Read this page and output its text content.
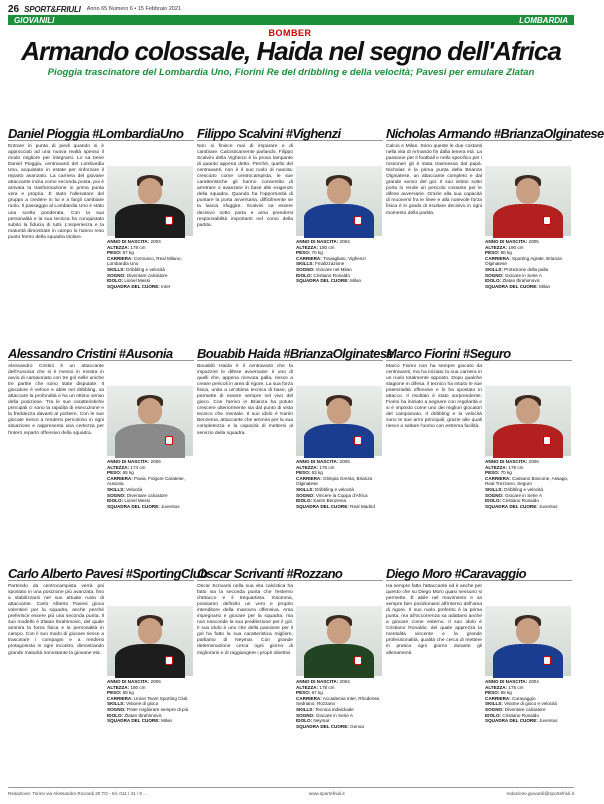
26 SPORT&FRIULI Anno 65 Numero 6 • 15 Febbraio 2021
GIOVANILI	LOMBARDIA
BOMBER
Armando colossale, Haida nel segno dell'Africa
Pioggia trascinatore del Lombardia Uno, Fiorini Re del dribbling e della velocità; Pavesi per emulare Zlatan
Daniel Pioggia #LombardiaUno
Entrare in punta di piedi quando si è approcciati ad una nuova realtà spesso il modo migliore per integrarsi. Lo sa bene Daniel Pioggia, centravanti del Lombardia Uno, acquistato in estate per rinforzare il reparto avanzato. La carriera del giovane attaccante inizia come seconda punta, poi è arrivata la trasformazione in prima punta vera e propria. È stato l'allenatore del gruppo a credere in lui e a fargli cambiare ruolo. Il passaggio al Lombardia Uno è stato una scelta ponderata. Con la sua personalità e la sua tecnica ha conquistato subito la fiducia di tutti. L'esperienza e la maturità dimostrate in campo lo hanno reso punto fermo della squadra titolare.
ANNO DI NASCITA: 2004
ALTEZZA: 178 cm
PESO: 67 kg
CARRIERA: Cernusco, Real Milano, Lombardia Uno
SKILLS: Dribbling e velocità
SOGNO: Diventare calciatore
IDOLO: Lionel Messi
SQUADRA DEL CUORE: Inter
Filippo Scalvini #Vighenzi
Non si finisce mai di imparare e di cambiare. Calcisticamente parlando, Filippo Scalvini della Vighenzi è la prova lampante di quanto appena detto. Perché, quello del centravanti, non è il suo ruolo di nascita: cresciuto come centrocampista, le sue caratteristiche gli hanno consentito di arretrare o avanzare in base alle esigenze della squadra. Quando ha l'opportunità di puntare la porta avversaria, difficilmente se la lascia sfuggire. Scalvini sa essere decisivo sotto porta e ama prendersi responsabilità importanti nel corso della partita.
ANNO DI NASCITA: 2004
ALTEZZA: 180 cm
PESO: 70 kg
CARRIERA: Travagliato, Vighenzi
SKILLS: Finalizzazione
SOGNO: Giocare nel Milan
IDOLO: Cristiano Ronaldo
SQUADRA DEL CUORE: Milan
Nicholas Armando #BrianzaOlginatese
Calcio e Milan. Sono queste le due costanti nella vita di Armando fin dalla tenera età. La passione per il football e nello specifico per i rossoneri gli è stata trasmessa dal papà. Nicholas è la prima punta della Brianza Olginatese, un attaccante completo e dal grande senso del gol. Il suo istinto sotto porta lo rende un pericolo costante per le difese avversarie. Grazie alla sua capacità di muoversi fra le linee e alla notevole forza fisica è in grado di risultare decisivo in ogni momento della partita.
ANNO DI NASCITA: 2005
ALTEZZA: 190 cm
PESO: 80 kg
CARRIERA: Sporting Agrate, Brianza Olginatese
SKILLS: Protezione della palla
SOGNO: Giocare in Serie A
IDOLO: Zlatan Ibrahimovic
SQUADRA DEL CUORE: Milan
Alessandro Cristini #Ausonia
Alessandro Cristini è un attaccante dell'Ausonia che si è messo in mostra in avvio di campionato con tre gol nelle uniche tre partite che sono state disputate. Il giocatore è veloce e abile nel dribbling, sa attaccare la profondità e ha un ottimo senso della posizione. Tra le sue caratteristiche principali ci sono la rapidità di esecuzione e la freddezza davanti al portiere. Con le sue giocate riesce a rendersi pericoloso in ogni situazione e rappresenta una certezza per l'intero reparto offensivo della squadra.
ANNO DI NASCITA: 2006
ALTEZZA: 174 cm
PESO: 65 kg
CARRIERA: Pavia, Folgore Caratese, Ausonia
SKILLS: Velocità
SOGNO: Diventare calciatore
IDOLO: Lionel Messi
SQUADRA DEL CUORE: Juventus
Bouabib Haida #BrianzaOlginatese
Bouabib Haida è il centravanti che fa impazzire le difese avversarie: è uno di quelli che, appena ricevuta palla, riesce a creare pericoli in area di rigore. La sua forza fisica, unita a un'ottima tecnica di base, gli permette di essere sempre nel vivo del gioco. Con l'arrivo in Brianza ha potuto crescere ulteriormente sia dal punto di vista tecnico che mentale. Il suo idolo è Karim Benzema, attaccante che ammira per la sua completezza e la capacità di mettersi al servizio della squadra.
ANNO DI NASCITA: 2005
ALTEZZA: 176 cm
PESO: 63 kg
CARRIERA: Olimpia Grenta, Brianza Olginatese
SKILLS: Dribbling e velocità
SOGNO: Vincere la Coppa d'Africa
IDOLO: Karim Benzema
SQUADRA DEL CUORE: Real Madrid
Marco Fiorini #Seguro
Marco Fiorini non ha sempre giocato da centravanti, ma ha iniziato la sua carriera in un ruolo totalmente opposto. Dopo qualche stagione in difesa, il tecnico ha intuito le sue potenzialità offensive e lo ha spostato in attacco. Il risultato è stato sorprendente: Fiorini ha iniziato a segnare con regolarità e si è imposto come uno dei migliori giocatori del campionato. Il dribbling e la velocità sono le sue armi principali, grazie alle quali riesce a saltare l'uomo con estrema facilità.
ANNO DI NASCITA: 2006
ALTEZZA: 178 cm
PESO: 70 kg
CARRIERA: Cassano Boscone, Assago, Real Trezzano, Seguro
SKILLS: Dribbling e velocità
SOGNO: Giocare in Serie A
IDOLO: Cristiano Ronaldo
SQUADRA DEL CUORE: Juventus
Carlo Alberto Pavesi #SportingClub
Partendo da centrocampista verrà poi spostato in una posizione più avanzata, fino a stabilizzarsi nel suo attuale ruolo di attaccante. Carlo Alberto Pavesi gioca volentieri per la squadra, anche perché preferisce essere più una seconda punta. Il suo modello è Zlatan Ibrahimovic, del quale ammira la forza fisica e la personalità in campo. Con il suo modo di giocare riesce a trascinare i compagni e a rendersi protagonista in ogni incontro, dimostrando grande maturità nonostante la giovane età.
ANNO DI NASCITA: 2006
ALTEZZA: 180 cm
PESO: 69 kg
CARRIERA: Union Team Sporting Club
SKILLS: Visione di gioco
SOGNO: Poter migliorare sempre di più
IDOLO: Zlatan Ibrahimovic
SQUADRA DEL CUORE: Milan
Oscar Scrivanti #Rozzano
Oscar Scrivanti nella sua vita calcistica ha fatto sia la seconda punta che l'esterno d'attacco e il trequartista. Insomma, possiamo definirlo un vero e proprio intenditore della manovra offensiva. Ama impegnarsi e giocare per la squadra, ma non nasconde la sua predilezione per il gol. Il suo idolo è uno che della passione per il gol ha fatto la sua caratteristica migliore, parliamo di Neymar. Con grande determinazione cerca ogni giorno di migliorarsi e di raggiungere i propri obiettivi.
ANNO DI NASCITA: 2004
ALTEZZA: 178 cm
PESO: 67 kg
CARRIERA: Accademia Inter, Rhodense, Sedriano, Rozzano
SKILLS: Tecnica individuale
SOGNO: Giocare in Serie A
IDOLO: Neymar
SQUADRA DEL CUORE: Genoa
Diego Moro #Caravaggio
Ha sempre fatto l'attaccante ed è anche per questo che su Diego Moro quasi nessuno si permette. È abile nel movimento e sa sempre ben posizionarsi all'interno dell'area di rigore. Il suo ruolo preferito è la prima punta, ma all'occorrenza sa adattarsi anche a giocare come esterno. Il suo idolo è Cristiano Ronaldo, del quale apprezza la mentalità vincente e la grande professionalità, qualità che cerca di mettere in pratica ogni giorno durante gli allenamenti.
ANNO DI NASCITA: 2004
ALTEZZA: 175 cm
PESO: 65 kg
CARRIERA: Caravaggio
SKILLS: Visione di gioco e velocità
SOGNO: Diventare calciatore
IDOLO: Cristiano Ronaldo
SQUADRA DEL CUORE: Juventus
Redazione: Torino via Alessandro Riccardi 20 TO - tel. 011 / 41 / 9 ...	www.sportefriuli.it	redazione.giovanili@sportefriuli.it
